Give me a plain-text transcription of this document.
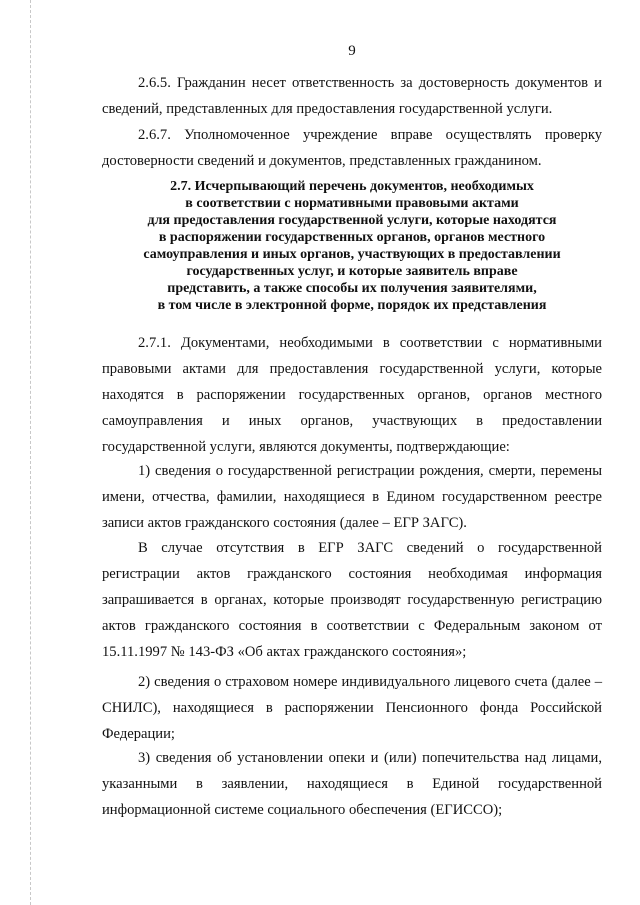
9

2.6.5. Гражданин несет ответственность за достоверность документов и сведений, представленных для предоставления государственной услуги.

2.6.7. Уполномоченное учреждение вправе осуществлять проверку достоверности сведений и документов, представленных гражданином.

2.7. Исчерпывающий перечень документов, необходимых
в соответствии с нормативными правовыми актами
для предоставления государственной услуги, которые находятся
в распоряжении государственных органов, органов местного
самоуправления и иных органов, участвующих в предоставлении
государственных услуг, и которые заявитель вправе
представить, а также способы их получения заявителями,
в том числе в электронной форме, порядок их представления

2.7.1. Документами, необходимыми в соответствии с нормативными правовыми актами для предоставления государственной услуги, которые находятся в распоряжении государственных органов, органов местного самоуправления и иных органов, участвующих в предоставлении государственной услуги, являются документы, подтверждающие:

1) сведения о государственной регистрации рождения, смерти, перемены имени, отчества, фамилии, находящиеся в Едином государственном реестре записи актов гражданского состояния (далее – ЕГР ЗАГС).

В случае отсутствия в ЕГР ЗАГС сведений о государственной регистрации актов гражданского состояния необходимая информация запрашивается в органах, которые производят государственную регистрацию актов гражданского состояния в соответствии с Федеральным законом от 15.11.1997 № 143-ФЗ «Об актах гражданского состояния»;

2) сведения о страховом номере индивидуального лицевого счета (далее – СНИЛС), находящиеся в распоряжении Пенсионного фонда Российской Федерации;

3) сведения об установлении опеки и (или) попечительства над лицами, указанными в заявлении, находящиеся в Единой государственной информационной системе социального обеспечения (ЕГИССО);
